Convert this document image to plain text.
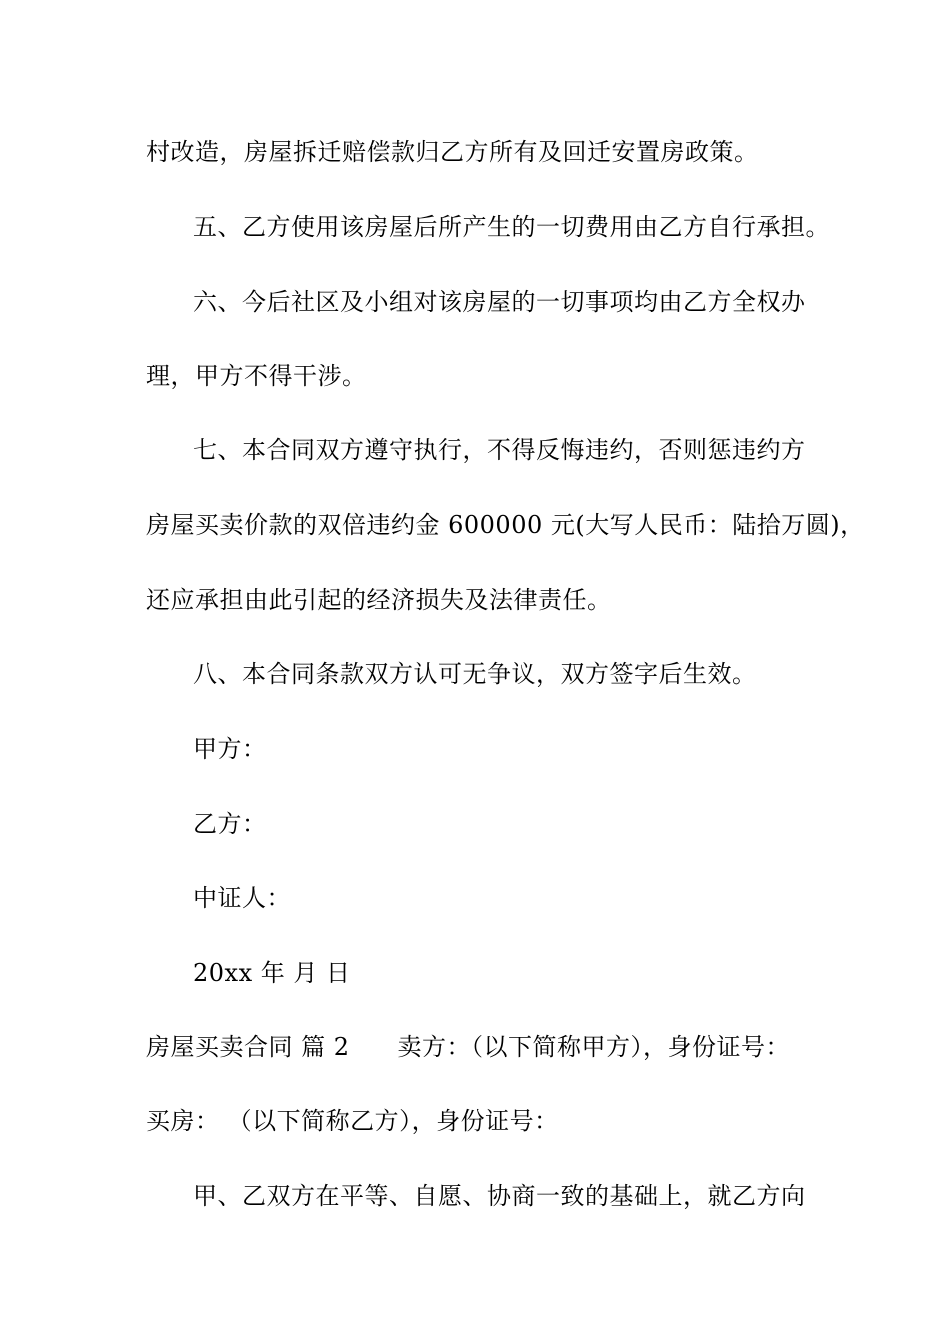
村改造，房屋拆迁赔偿款归乙方所有及回迁安置房政策。
五、乙方使用该房屋后所产生的一切费用由乙方自行承担。
六、今后社区及小组对该房屋的一切事项均由乙方全权办
理，甲方不得干涉。
七、本合同双方遵守执行，不得反悔违约，否则惩违约方
房屋买卖价款的双倍违约金 600000 元(大写人民币：陆拾万圆)，
还应承担由此引起的经济损失及法律责任。
八、本合同条款双方认可无争议，双方签字后生效。
甲方：
乙方：
中证人：
20xx 年 月 日
房屋买卖合同 篇 2 卖方：（以下简称甲方），身份证号：
买房： （以下简称乙方），身份证号：
甲、乙双方在平等、自愿、协商一致的基础上，就乙方向
